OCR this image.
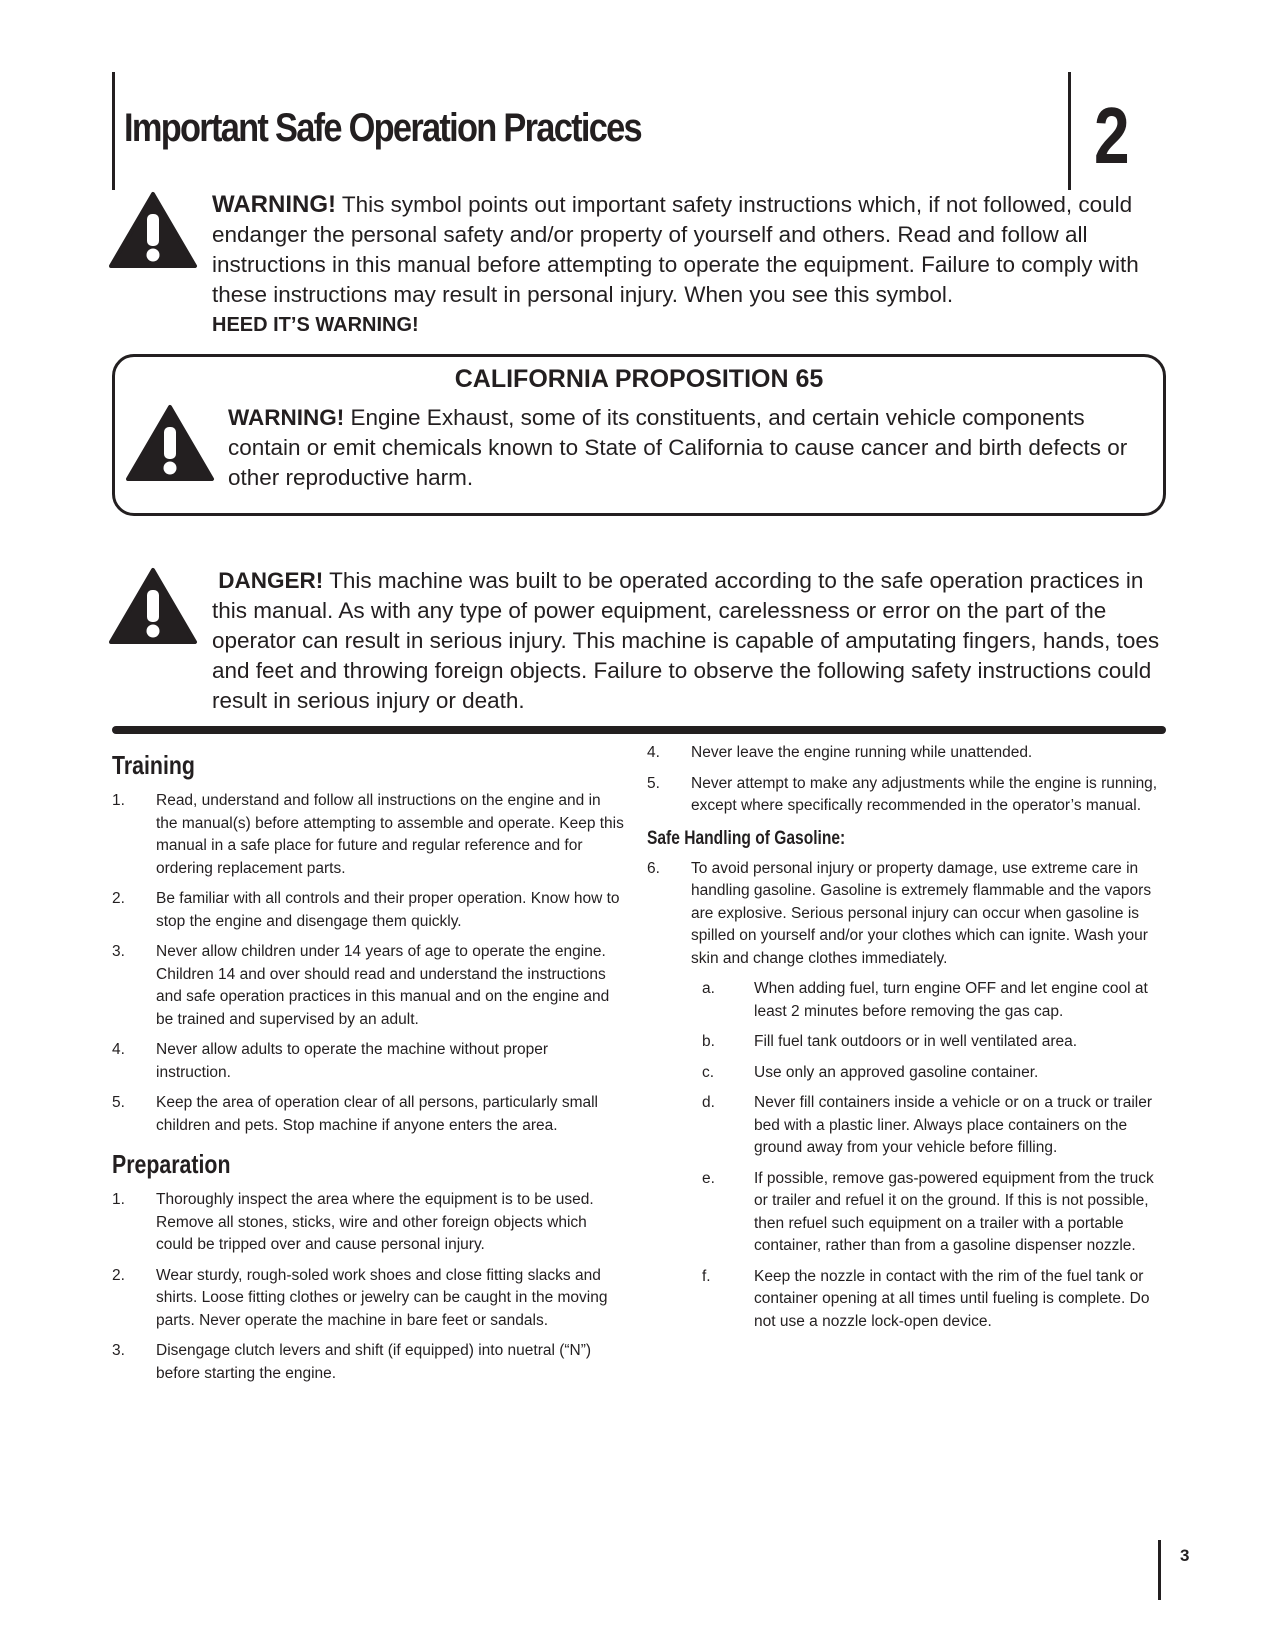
Important Safe Operation Practices	2
WARNING! This symbol points out important safety instructions which, if not followed, could endanger the personal safety and/or property of yourself and others. Read and follow all instructions in this manual before attempting to operate the equipment. Failure to comply with these instructions may result in personal injury. When you see this symbol.
HEED IT’S WARNING!
CALIFORNIA PROPOSITION 65
WARNING! Engine Exhaust, some of its constituents, and certain vehicle components contain or emit chemicals known to State of California to cause cancer and birth defects or other reproductive harm.
DANGER! This machine was built to be operated according to the safe operation practices in this manual. As with any type of power equipment, carelessness or error on the part of the operator can result in serious injury. This machine is capable of amputating fingers, hands, toes and feet and throwing foreign objects. Failure to observe the following safety instructions could result in serious injury or death.
Training
1.	Read, understand and follow all instructions on the engine and in the manual(s) before attempting to assemble and operate. Keep this manual in a safe place for future and regular reference and for ordering replacement parts.
2.	Be familiar with all controls and their proper operation. Know how to stop the engine and disengage them quickly.
3.	Never allow children under 14 years of age to operate the engine. Children 14 and over should read and understand the instructions and safe operation practices in this manual and on the engine and be trained and supervised by an adult.
4.	Never allow adults to operate the machine without proper instruction.
5.	Keep the area of operation clear of all persons, particularly small children and pets. Stop machine if anyone enters the area.
Preparation
1.	Thoroughly inspect the area where the equipment is to be used. Remove all stones, sticks, wire and other foreign objects which could be tripped over and cause personal injury.
2.	Wear sturdy, rough-soled work shoes and close fitting slacks and shirts. Loose fitting clothes or jewelry can be caught in the moving parts. Never operate the machine in bare feet or sandals.
3.	Disengage clutch levers and shift (if equipped) into nuetral (“N”) before starting the engine.
4.	Never leave the engine running while unattended.
5.	Never attempt to make any adjustments while the engine is running, except where specifically recommended in the operator’s manual.
Safe Handling of Gasoline:
6.	To avoid personal injury or property damage, use extreme care in handling gasoline. Gasoline is extremely flammable and the vapors are explosive. Serious personal injury can occur when gasoline is spilled on yourself and/or your clothes which can ignite. Wash your skin and change clothes immediately.
a.	When adding fuel, turn engine OFF and let engine cool at least 2 minutes before removing the gas cap.
b.	Fill fuel tank outdoors or in well ventilated area.
c.	Use only an approved gasoline container.
d.	Never fill containers inside a vehicle or on a truck or trailer bed with a plastic liner. Always place containers on the ground away from your vehicle before filling.
e.	If possible, remove gas-powered equipment from the truck or trailer and refuel it on the ground. If this is not possible, then refuel such equipment on a trailer with a portable container, rather than from a gasoline dispenser nozzle.
f.	Keep the nozzle in contact with the rim of the fuel tank or container opening at all times until fueling is complete. Do not use a nozzle lock-open device.
3
